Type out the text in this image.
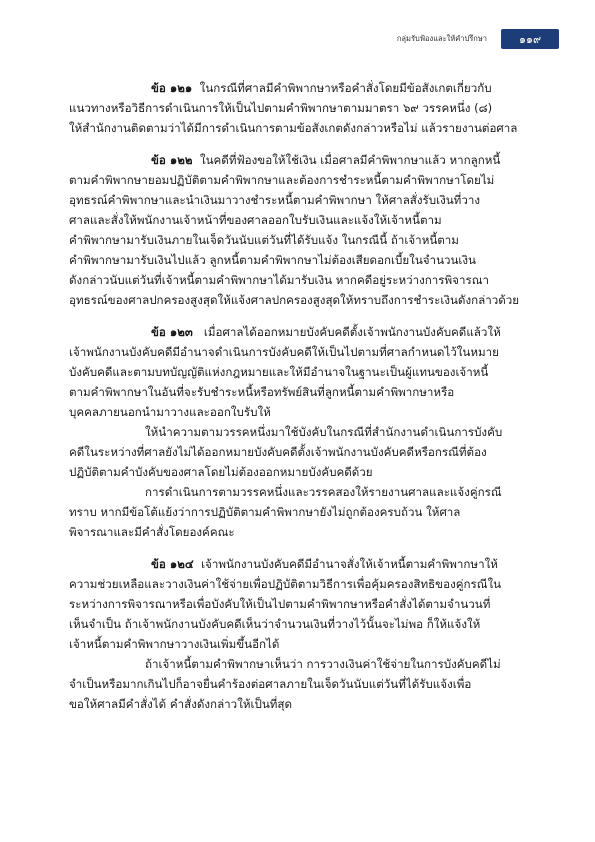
กลุ่มรับฟ้องและให้คำปรึกษา	๑๑๙
ข้อ ๑๒๑ ในกรณีที่ศาลมีคำพิพากษาหรือคำสั่งโดยมีข้อสังเกตเกี่ยวกับ
แนวทางหรือวิธีการดำเนินการให้เป็นไปตามคำพิพากษาตามมาตรา ๖๙ วรรคหนึ่ง (๘)
ให้สำนักงานติดตามว่าได้มีการดำเนินการตามข้อสังเกตดังกล่าวหรือไม่ แล้วรายงานต่อศาล
ข้อ ๑๒๒ ในคดีที่ฟ้องขอให้ใช้เงิน เมื่อศาลมีคำพิพากษาแล้ว หากลูกหนี้
ตามคำพิพากษายอมปฏิบัติตามคำพิพากษาและต้องการชำระหนี้ตามคำพิพากษาโดยไม่
อุทธรณ์คำพิพากษาและนำเงินมาวางชำระหนี้ตามคำพิพากษา ให้ศาลสั่งรับเงินที่วาง
ศาลและสั่งให้พนักงานเจ้าหน้าที่ของศาลออกใบรับเงินและแจ้งให้เจ้าหนี้ตาม
คำพิพากษามารับเงินภายในเจ็ดวันนับแต่วันที่ได้รับแจ้ง ในกรณีนี้ ถ้าเจ้าหนี้ตาม
คำพิพากษามารับเงินไปแล้ว ลูกหนี้ตามคำพิพากษาไม่ต้องเสียดอกเบี้ยในจำนวนเงิน
ดังกล่าวนับแต่วันที่เจ้าหนี้ตามคำพิพากษาได้มารับเงิน หากคดีอยู่ระหว่างการพิจารณา
อุทธรณ์ของศาลปกครองสูงสุดให้แจ้งศาลปกครองสูงสุดให้ทราบถึงการชำระเงินดังกล่าวด้วย
ข้อ ๑๒๓ เมื่อศาลได้ออกหมายบังคับคดีตั้งเจ้าพนักงานบังคับคดีแล้วให้
เจ้าพนักงานบังคับคดีมีอำนาจดำเนินการบังคับคดีให้เป็นไปตามที่ศาลกำหนดไว้ในหมาย
บังคับคดีและตามบทบัญญัติแห่งกฎหมายและให้มีอำนาจในฐานะเป็นผู้แทนของเจ้าหนี้
ตามคำพิพากษาในอันที่จะรับชำระหนี้หรือทรัพย์สินที่ลูกหนี้ตามคำพิพากษาหรือ
บุคคลภายนอกนำมาวางและออกใบรับให้
ให้นำความตามวรรคหนึ่งมาใช้บังคับในกรณีที่สำนักงานดำเนินการบังคับ
คดีในระหว่างที่ศาลยังไม่ได้ออกหมายบังคับคดีตั้งเจ้าพนักงานบังคับคดีหรือกรณีที่ต้อง
ปฏิบัติตามคำบังคับของศาลโดยไม่ต้องออกหมายบังคับคดีด้วย
การดำเนินการตามวรรคหนึ่งและวรรคสองให้รายงานศาลและแจ้งคู่กรณี
ทราบ หากมีข้อโต้แย้งว่าการปฏิบัติตามคำพิพากษายังไม่ถูกต้องครบถ้วน ให้ศาล
พิจารณาและมีคำสั่งโดยองค์คณะ
ข้อ ๑๒๔ เจ้าพนักงานบังคับคดีมีอำนาจสั่งให้เจ้าหนี้ตามคำพิพากษาให้
ความช่วยเหลือและวางเงินค่าใช้จ่ายเพื่อปฏิบัติตามวิธีการเพื่อคุ้มครองสิทธิของคู่กรณีใน
ระหว่างการพิจารณาหรือเพื่อบังคับให้เป็นไปตามคำพิพากษาหรือคำสั่งได้ตามจำนวนที่
เห็นจำเป็น ถ้าเจ้าพนักงานบังคับคดีเห็นว่าจำนวนเงินที่วางไว้นั้นจะไม่พอ ก็ให้แจ้งให้
เจ้าหนี้ตามคำพิพากษาวางเงินเพิ่มขึ้นอีกได้
ถ้าเจ้าหนี้ตามคำพิพากษาเห็นว่า การวางเงินค่าใช้จ่ายในการบังคับคดีไม่
จำเป็นหรือมากเกินไปก็อาจยื่นคำร้องต่อศาลภายในเจ็ดวันนับแต่วันที่ได้รับแจ้งเพื่อ
ขอให้ศาลมีคำสั่งได้ คำสั่งดังกล่าวให้เป็นที่สุด
